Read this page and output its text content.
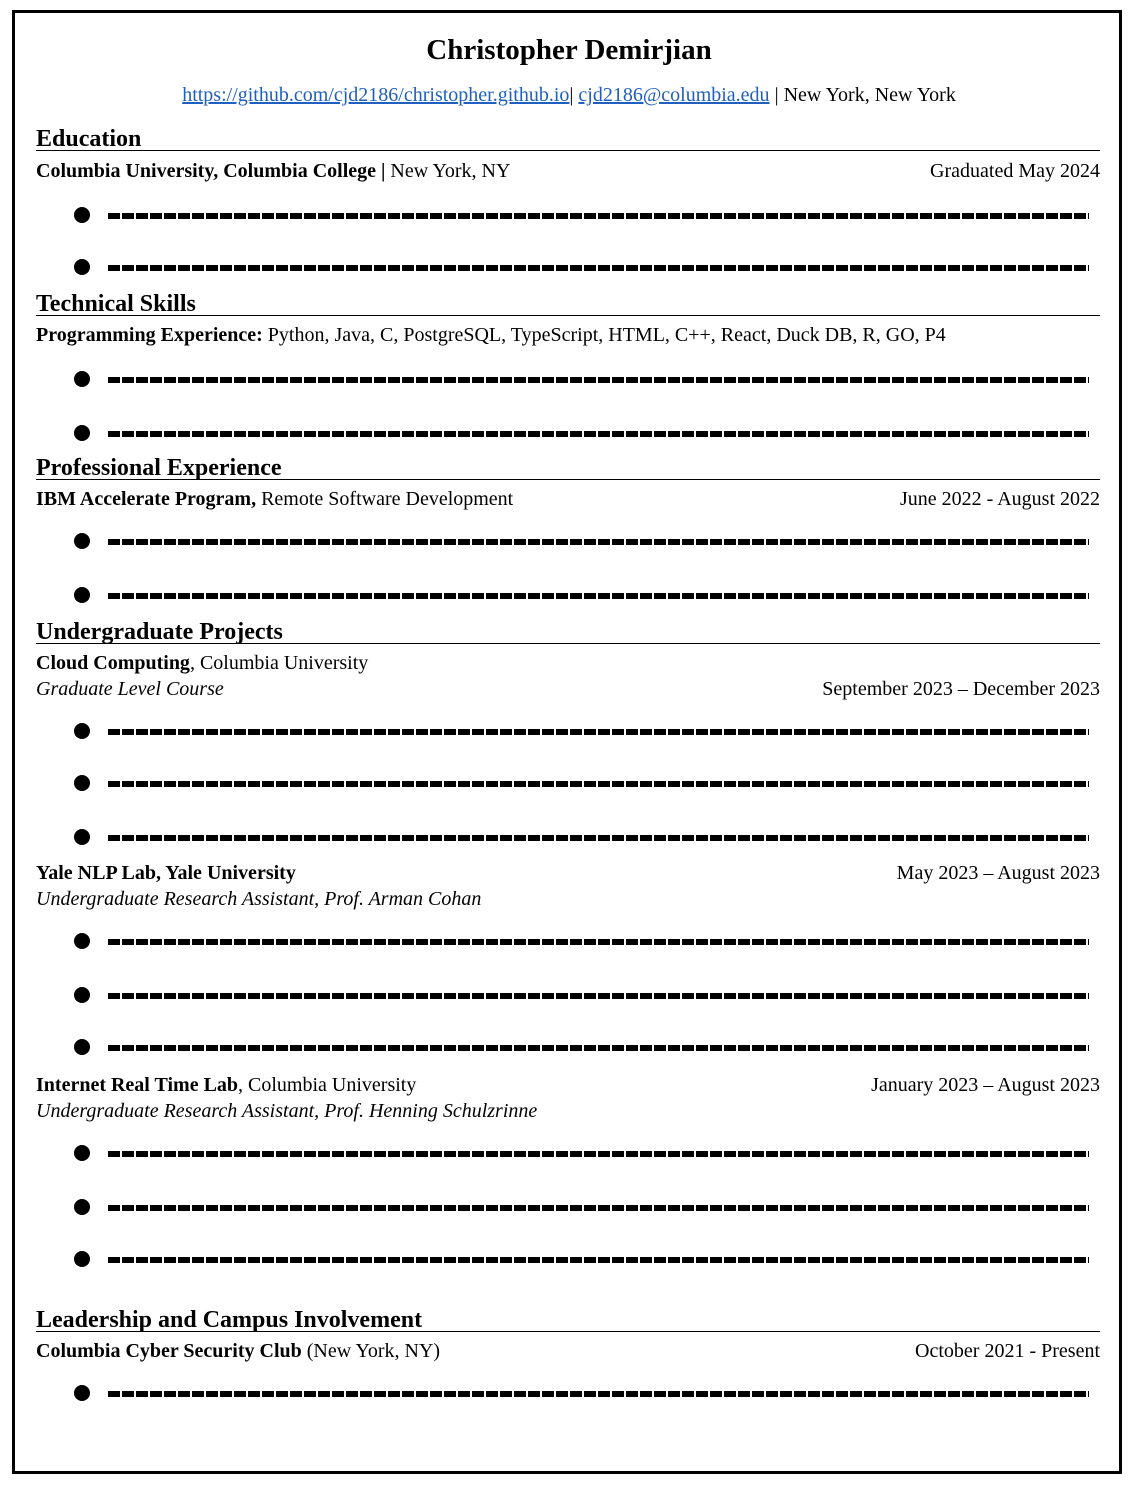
Christopher Demirjian
https://github.com/cjd2186/christopher.github.io| cjd2186@columbia.edu | New York, New York
Education
Columbia University, Columbia College | New York, NY	Graduated May 2024
Technical Skills
Programming Experience: Python, Java, C, PostgreSQL, TypeScript, HTML, C++, React, Duck DB, R, GO, P4
Professional Experience
IBM Accelerate Program, Remote Software Development	June 2022 - August 2022
Undergraduate Projects
Cloud Computing, Columbia University
Graduate Level Course	September 2023 – December 2023
Yale NLP Lab, Yale University	May 2023 – August 2023
Undergraduate Research Assistant, Prof. Arman Cohan
Internet Real Time Lab, Columbia University	January 2023 – August 2023
Undergraduate Research Assistant, Prof. Henning Schulzrinne
Leadership and Campus Involvement
Columbia Cyber Security Club (New York, NY)	October 2021 - Present
